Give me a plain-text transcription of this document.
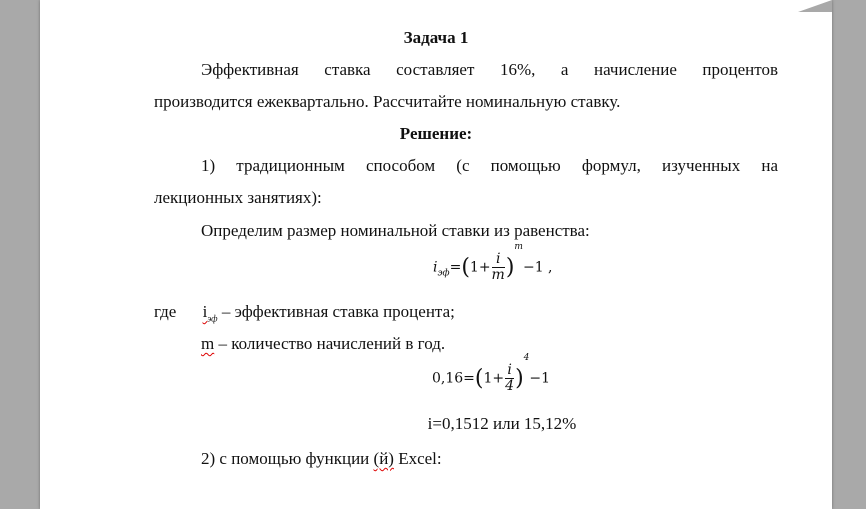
Задача 1
Эффективная ставка составляет 16%, а начисление процентов
производится ежеквартально. Рассчитайте номинальную ставку.
Решение:
1) традиционным способом (с помощью формул, изученных на
лекционных занятиях):
Определим размер номинальной ставки из равенства:
$i_{эф}=(1+ \frac{i}{m} )^m-1$ ,
где $i_{эф}$ – эффективная ставка процента;
m – количество начислений в год.
$0,16=(1+ \frac{i}{4} )^4-1$
i=0,1512 или 15,12%
2) с помощью функции (й) Excel:
